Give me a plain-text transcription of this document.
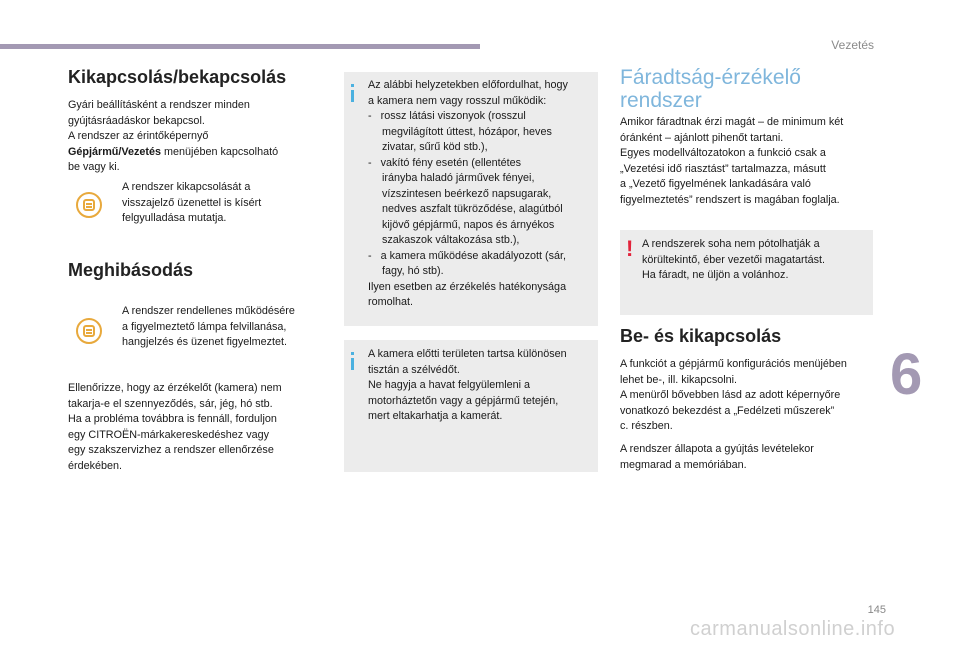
Vezetés
Kikapcsolás/bekapcsolás

Gyári beállításként a rendszer minden
gyújtásráadáskor bekapcsol.
A rendszer az érintőképernyő
Gépjármű/Vezetés menüjében kapcsolható
be vagy ki.

A rendszer kikapcsolását a
visszajelző üzenettel is kísért
felgyulladása mutatja.

Meghibásodás

A rendszer rendellenes működésére
a figyelmeztető lámpa felvillanása,
hangjelzés és üzenet figyelmeztet.

Ellenőrizze, hogy az érzékelőt (kamera) nem
takarja-e el szennyeződés, sár, jég, hó stb.
Ha a probléma továbbra is fennáll, forduljon
egy CITROËN-márkakereskedéshez vagy
egy szakszervizhez a rendszer ellenőrzése
érdekében.

Az alábbi helyzetekben előfordulhat, hogy
a kamera nem vagy rosszul működik:

-   rossz látási viszonyok (rosszul
megvilágított úttest, hózápor, heves
zivatar, sűrű köd stb.),

-   vakító fény esetén (ellentétes
irányba haladó járművek fényei,
vízszintesen beérkező napsugarak,
nedves aszfalt tükröződése, alagútból
kijövő gépjármű, napos és árnyékos
szakaszok váltakozása stb.),

-   a kamera működése akadályozott (sár,
fagy, hó stb).

Ilyen esetben az érzékelés hatékonysága
romolhat.

A kamera előtti területen tartsa különösen
tisztán a szélvédőt.
Ne hagyja a havat felgyülemleni a
motorháztetőn vagy a gépjármű tetején,
mert eltakarhatja a kamerát.

Fáradtság-érzékelő
rendszer

Amikor fáradtnak érzi magát – de minimum két
óránként – ajánlott pihenőt tartani.
Egyes modellváltozatokon a funkció csak a
„Vezetési idő riasztást” tartalmazza, másutt
a „Vezető figyelmének lankadására való
figyelmeztetés” rendszert is magában foglalja.

! A rendszerek soha nem pótolhatják a
körültekintő, éber vezetői magatartást.
Ha fáradt, ne üljön a volánhoz.

Be- és kikapcsolás

A funkciót a gépjármű konfigurációs menüjében
lehet be-, ill. kikapcsolni.
A menüről bővebben lásd az adott képernyőre
vonatkozó bekezdést a „Fedélzeti műszerek”
c. részben.

A rendszer állapota a gyújtás levételekor
megmarad a memóriában.

6
145
carmanualsonline.info
